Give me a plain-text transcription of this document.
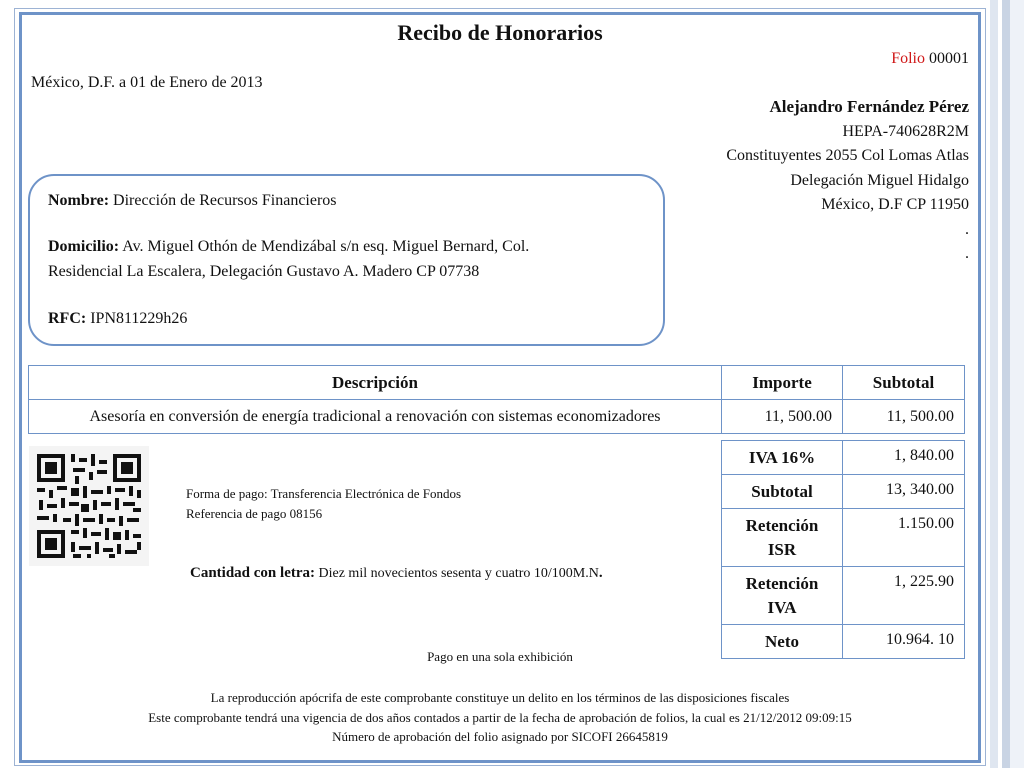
Recibo de Honorarios
Folio 00001
México, D.F. a 01 de Enero de 2013
Alejandro Fernández Pérez
HEPA-740628R2M
Constituyentes 2055 Col Lomas Atlas
Delegación Miguel Hidalgo
México, D.F CP 11950
.
.
Nombre: Dirección de Recursos Financieros
Domicilio: Av. Miguel Othón de Mendizábal s/n esq. Miguel Bernard, Col.
Residencial La Escalera, Delegación Gustavo A. Madero CP 07738
RFC: IPN811229h26
Descripción	Importe	Subtotal
Asesoría en conversión de energía tradicional a renovación con sistemas economizadores	11, 500.00	11, 500.00
Forma de pago: Transferencia Electrónica de Fondos
Referencia de pago 08156
Cantidad con letra: Diez mil novecientos sesenta y cuatro 10/100M.N.
IVA 16%	1, 840.00
Subtotal	13, 340.00

Retención
ISR	1.150.00

Retención
IVA	1, 225.90
Neto	10.964. 10
Pago en una sola exhibición
La reproducción apócrifa de este comprobante constituye un delito en los términos de las disposiciones fiscales
Este comprobante tendrá una vigencia de dos años contados a partir de la fecha de aprobación de folios, la cual es 21/12/2012 09:09:15
Número de aprobación del folio asignado por SICOFI 26645819
